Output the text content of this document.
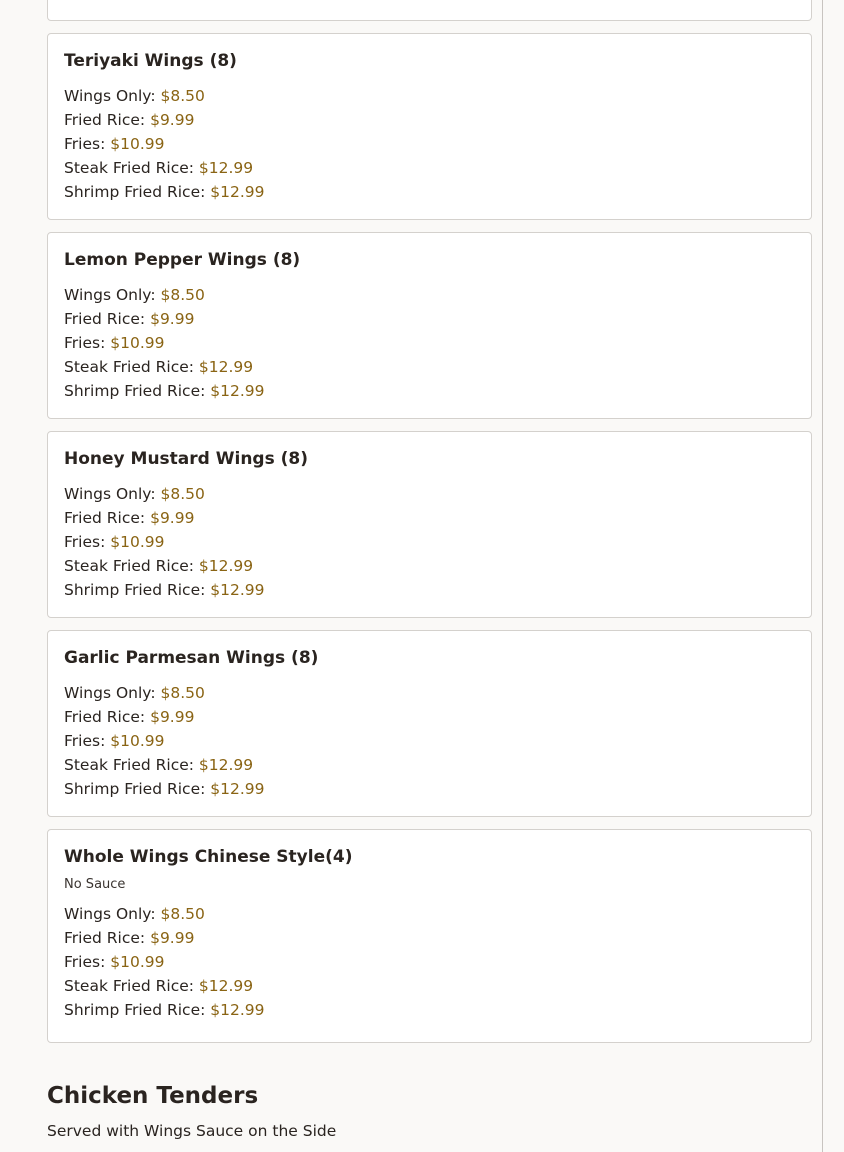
Teriyaki Wings (8)
Wings Only: $8.50
Fried Rice: $9.99
Fries: $10.99
Steak Fried Rice: $12.99
Shrimp Fried Rice: $12.99
Lemon Pepper Wings (8)
Wings Only: $8.50
Fried Rice: $9.99
Fries: $10.99
Steak Fried Rice: $12.99
Shrimp Fried Rice: $12.99
Honey Mustard Wings (8)
Wings Only: $8.50
Fried Rice: $9.99
Fries: $10.99
Steak Fried Rice: $12.99
Shrimp Fried Rice: $12.99
Garlic Parmesan Wings (8)
Wings Only: $8.50
Fried Rice: $9.99
Fries: $10.99
Steak Fried Rice: $12.99
Shrimp Fried Rice: $12.99
Whole Wings Chinese Style(4)

No Sauce

Wings Only: $8.50
Fried Rice: $9.99
Fries: $10.99
Steak Fried Rice: $12.99
Shrimp Fried Rice: $12.99
Chicken Tenders

Served with Wings Sauce on the Side
